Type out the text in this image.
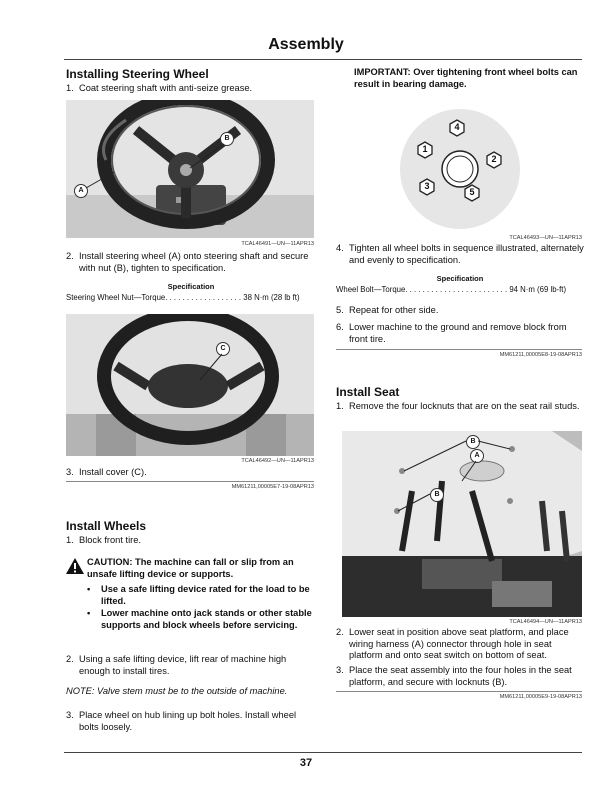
Assembly
Installing Steering Wheel
1. Coat steering shaft with anti-seize grease.
A
B
TCAL46491—UN—11APR13
2. Install steering wheel (A) onto steering shaft and secure with nut (B), tighten to specification.
Specification
Steering Wheel Nut—Torque. . . . . . . . . . . . . . . . . . 38 N·m (28 lb ft)
C
TCAL46492—UN—11APR13
3. Install cover (C).
MM61211,00005E7-19-08APR13
Install Wheels
1. Block front tire.
CAUTION: The machine can fall or slip from an unsafe lifting device or supports.
• Use a safe lifting device rated for the load to be lifted.
• Lower machine onto jack stands or other stable supports and block wheels before servicing.
2. Using a safe lifting device, lift rear of machine high enough to install tires.
NOTE: Valve stem must be to the outside of machine.
3. Place wheel on hub lining up bolt holes. Install wheel bolts loosely.
IMPORTANT: Over tightening front wheel bolts can result in bearing damage.
1
2
3
4
5
TCAL46493—UN—11APR13
4. Tighten all wheel bolts in sequence illustrated, alternately and evenly to specification.
Specification
Wheel Bolt—Torque. . . . . . . . . . . . . . . . . . . . . . . . 94 N·m (69 lb-ft)
5. Repeat for other side.
6. Lower machine to the ground and remove block from front tire.
MM61211,00005E8-19-08APR13
Install Seat
1. Remove the four locknuts that are on the seat rail studs.
B
A
B
TCAL46494—UN—11APR13
2. Lower seat in position above seat platform, and place wiring harness (A) connector through hole in seat platform and onto seat switch on bottom of seat.
3. Place the seat assembly into the four holes in the seat platform, and secure with locknuts (B).
MM61211,00005E9-19-08APR13
37
